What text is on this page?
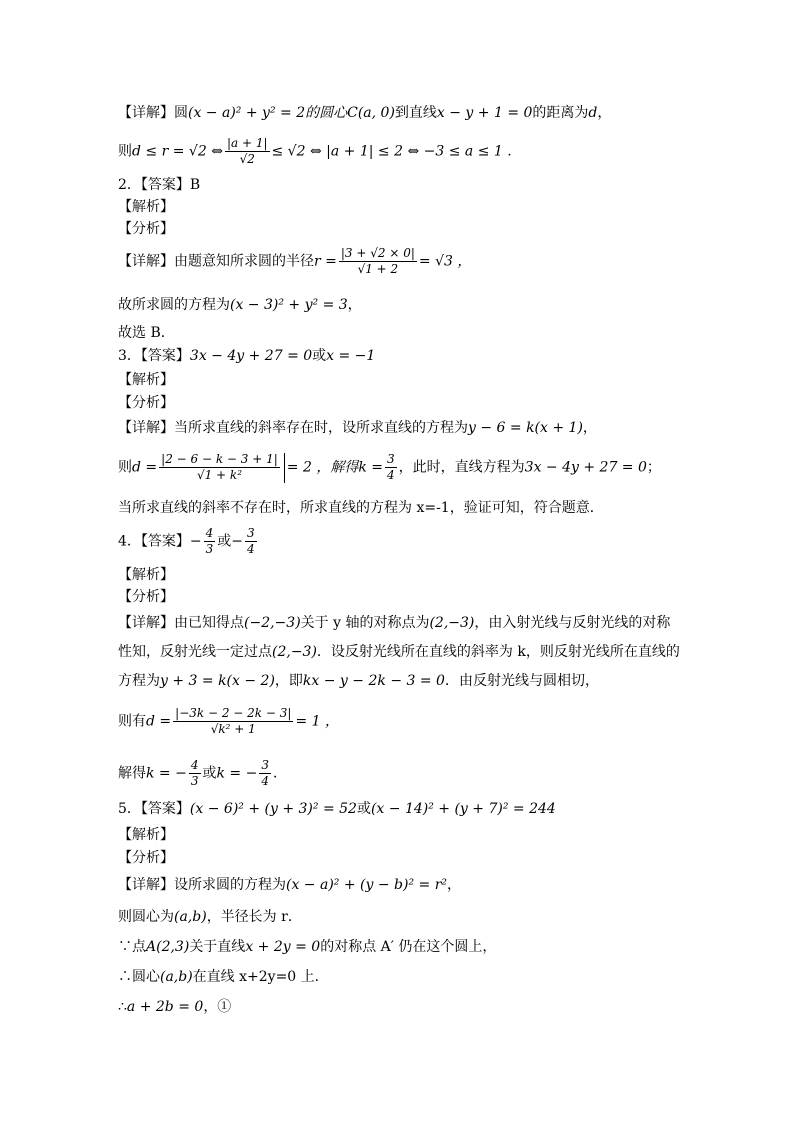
【详解】圆(x − a)² + y² = 2的圆心C(a, 0)到直线x − y + 1 = 0的距离为d，
则d ≤ r = √2 ⇔ $\frac{|a + 1|}{√2} \le √2$ ⇔ |a + 1| ≤ 2 ⇔ −3 ≤ a ≤ 1 .
2．【答案】B
【解析】
【分析】
【详解】由题意知所求圆的半径$r = \frac{|3 + √2 \times 0|}{√1 + 2} = √3$ ，
故所求圆的方程为(x − 3)² + y² = 3，
故选 B．
3．【答案】3x − 4y + 27 = 0或x = −1
【解析】
【分析】
【详解】当所求直线的斜率存在时，设所求直线的方程为y − 6 = k(x + 1)，
则$d = \frac{|2 - 6 - k - 3 + 1|}{\text{√1 + k²}} = 2$ ，解得$k = \frac{3}{4}$ ，此时，直线方程为3x − 4y + 27 = 0；
当所求直线的斜率不存在时，所求直线的方程为 x=-1，验证可知，符合题意．
4．【答案】− $\frac{4}{3}$ 或− $\frac{3}{4}$
【解析】
【分析】
【详解】由已知得点(−2,−3)关于 y 轴的对称点为(2,−3)，由入射光线与反射光线的对称
性知，反射光线一定过点(2,−3)．设反射光线所在直线的斜率为 k，则反射光线所在直线的
方程为y + 3 = k(x − 2)，即kx − y − 2k − 3 = 0．由反射光线与圆相切，
则有$d = \frac{|-3k - 2 - 2k - 3|}{\text{√k² + 1}} = 1$ ，
解得k = − $\frac{4}{3}$ 或k = − $\frac{3}{4}$ ．
5．【答案】(x − 6)² + (y + 3)² = 52或(x − 14)² + (y + 7)² = 244
【解析】
【分析】
【详解】设所求圆的方程为(x − a)² + (y − b)² = r²，
则圆心为(a,b)，半径长为 r．
∵点A(2,3)关于直线x + 2y = 0的对称点 A′ 仍在这个圆上，
∴圆心(a,b)在直线 x+2y=0 上．
∴a + 2b = 0，①
